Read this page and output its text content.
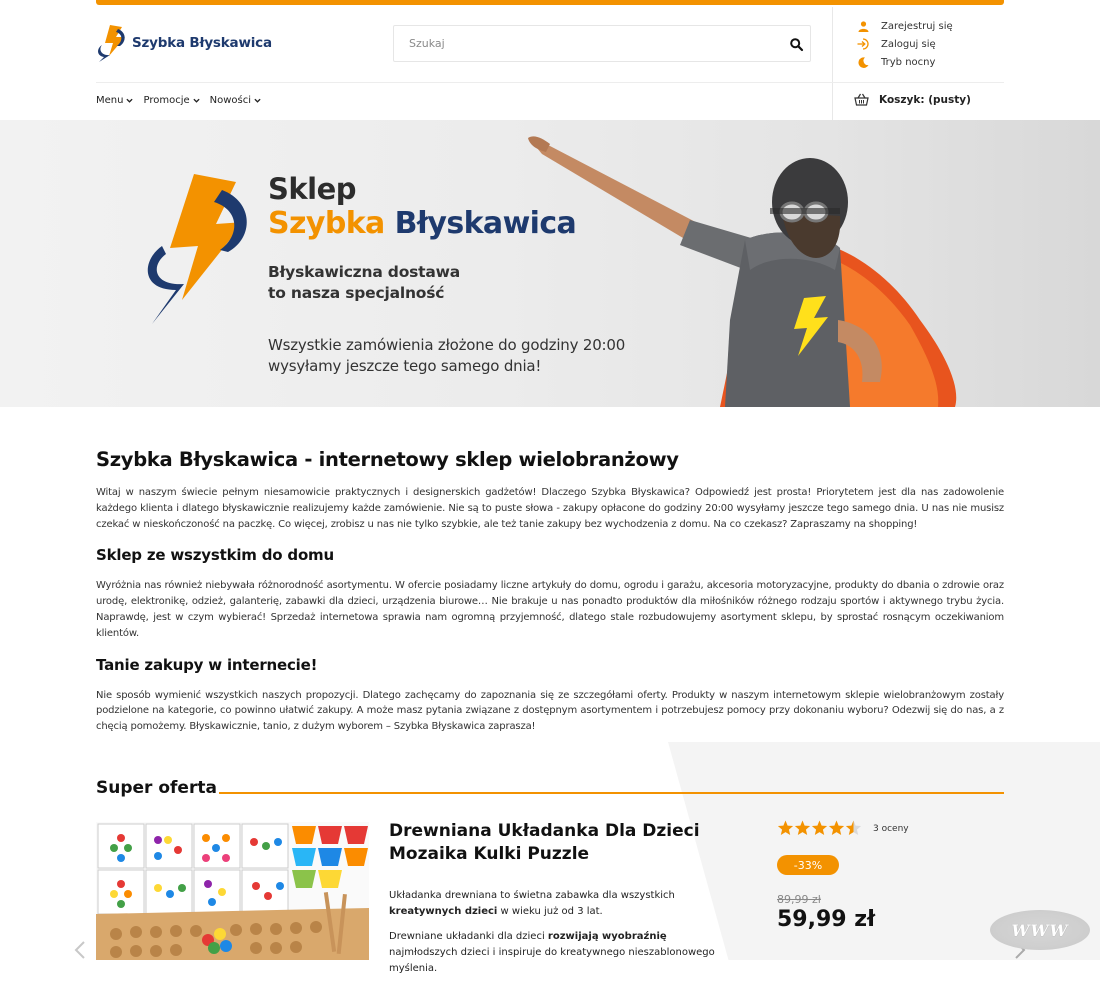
Szybka Błyskawica
Szukaj
Zarejestruj się
Zaloguj się
Tryb nocny
Menu Promocje Nowości	Koszyk: (pusty)
Sklep
Szybka Błyskawica
Błyskawiczna dostawa
to nasza specjalność
Wszystkie zamówienia złożone do godziny 20:00
wysyłamy jeszcze tego samego dnia!
Szybka Błyskawica - internetowy sklep wielobranżowy

Witaj w naszym świecie pełnym niesamowicie praktycznych i designerskich gadżetów! Dlaczego Szybka Błyskawica? Odpowiedź jest prosta! Priorytetem jest dla nas zadowolenie każdego klienta i dlatego błyskawicznie realizujemy każde zamówienie. Nie są to puste słowa - zakupy opłacone do godziny 20:00 wysyłamy jeszcze tego samego dnia. U nas nie musisz czekać w nieskończoność na paczkę. Co więcej, zrobisz u nas nie tylko szybkie, ale też tanie zakupy bez wychodzenia z domu. Na co czekasz? Zapraszamy na shopping!

Sklep ze wszystkim do domu

Wyróżnia nas również niebywała różnorodność asortymentu. W ofercie posiadamy liczne artykuły do domu, ogrodu i garażu, akcesoria motoryzacyjne, produkty do dbania o zdrowie oraz urodę, elektronikę, odzież, galanterię, zabawki dla dzieci, urządzenia biurowe… Nie brakuje u nas ponadto produktów dla miłośników różnego rodzaju sportów i aktywnego trybu życia. Naprawdę, jest w czym wybierać! Sprzedaż internetowa sprawia nam ogromną przyjemność, dlatego stale rozbudowujemy asortyment sklepu, by sprostać rosnącym oczekiwaniom klientów.

Tanie zakupy w internecie!

Nie sposób wymienić wszystkich naszych propozycji. Dlatego zachęcamy do zapoznania się ze szczegółami oferty. Produkty w naszym internetowym sklepie wielobranżowym zostały podzielone na kategorie, co powinno ułatwić zakupy. A może masz pytania związane z dostępnym asortymentem i potrzebujesz pomocy przy dokonaniu wyboru? Odezwij się do nas, a z chęcią pomożemy. Błyskawicznie, tanio, z dużym wyborem – Szybka Błyskawica zaprasza!

Super oferta
Drewniana Układanka Dla Dzieci Mozaika Kulki Puzzle

Układanka drewniana to świetna zabawka dla wszystkich kreatywnych dzieci w wieku już od 3 lat.

Drewniane układanki dla dzieci rozwijają wyobraźnię najmłodszych dzieci i inspiruje do kreatywnego nieszablonowego myślenia.

3 oceny
-33%
89,99 zł
59,99 zł	WWW
